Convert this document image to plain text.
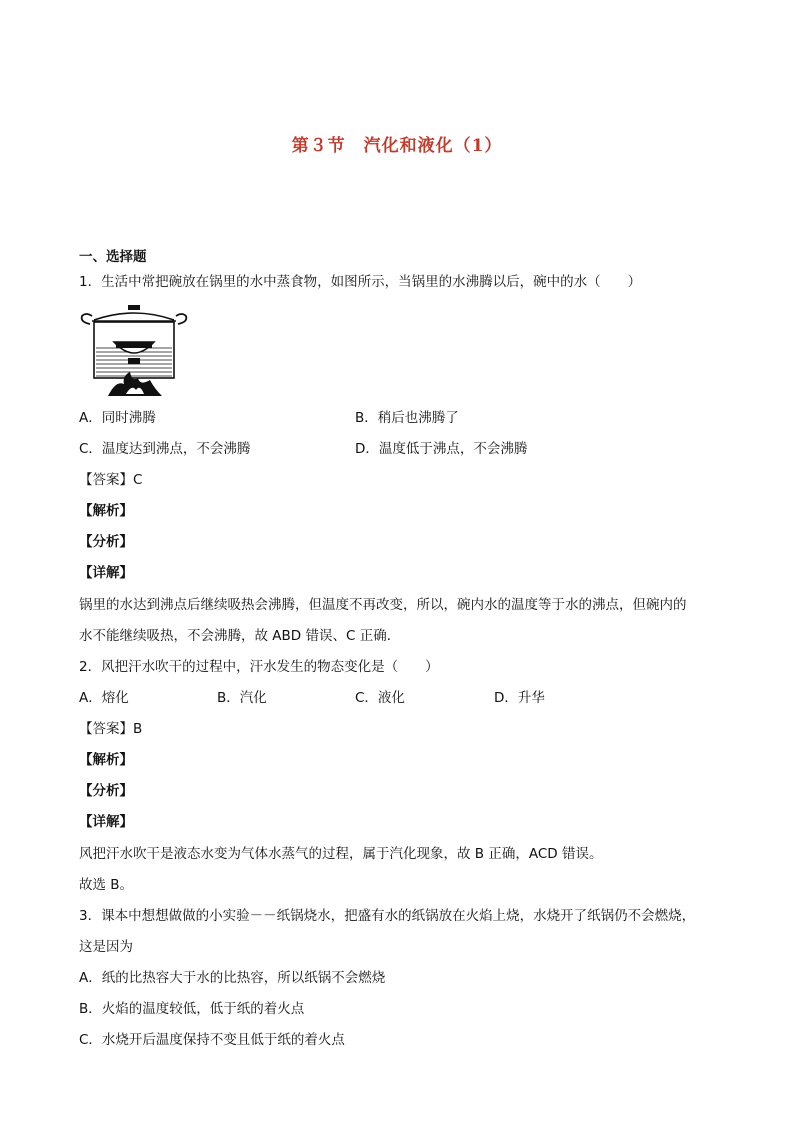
第３节　汽化和液化（1）
一、选择题
1．生活中常把碗放在锅里的水中蒸食物，如图所示，当锅里的水沸腾以后，碗中的水（　　）
A．同时沸腾	B．稍后也沸腾了
C．温度达到沸点，不会沸腾	D．温度低于沸点，不会沸腾
【答案】C
【解析】
【分析】
【详解】
锅里的水达到沸点后继续吸热会沸腾，但温度不再改变，所以，碗内水的温度等于水的沸点，但碗内的
水不能继续吸热，不会沸腾，故 ABD 错误、C 正确．
2．风把汗水吹干的过程中，汗水发生的物态变化是（　　）
A．熔化	B．汽化	C．液化	D．升华
【答案】B
【解析】
【分析】
【详解】
风把汗水吹干是液态水变为气体水蒸气的过程，属于汽化现象，故 B 正确，ACD 错误。
故选 B。
3．课本中想想做做的小实验－－纸锅烧水，把盛有水的纸锅放在火焰上烧，水烧开了纸锅仍不会燃烧，
这是因为
A．纸的比热容大于水的比热容，所以纸锅不会燃烧
B．火焰的温度较低，低于纸的着火点
C．水烧开后温度保持不变且低于纸的着火点
